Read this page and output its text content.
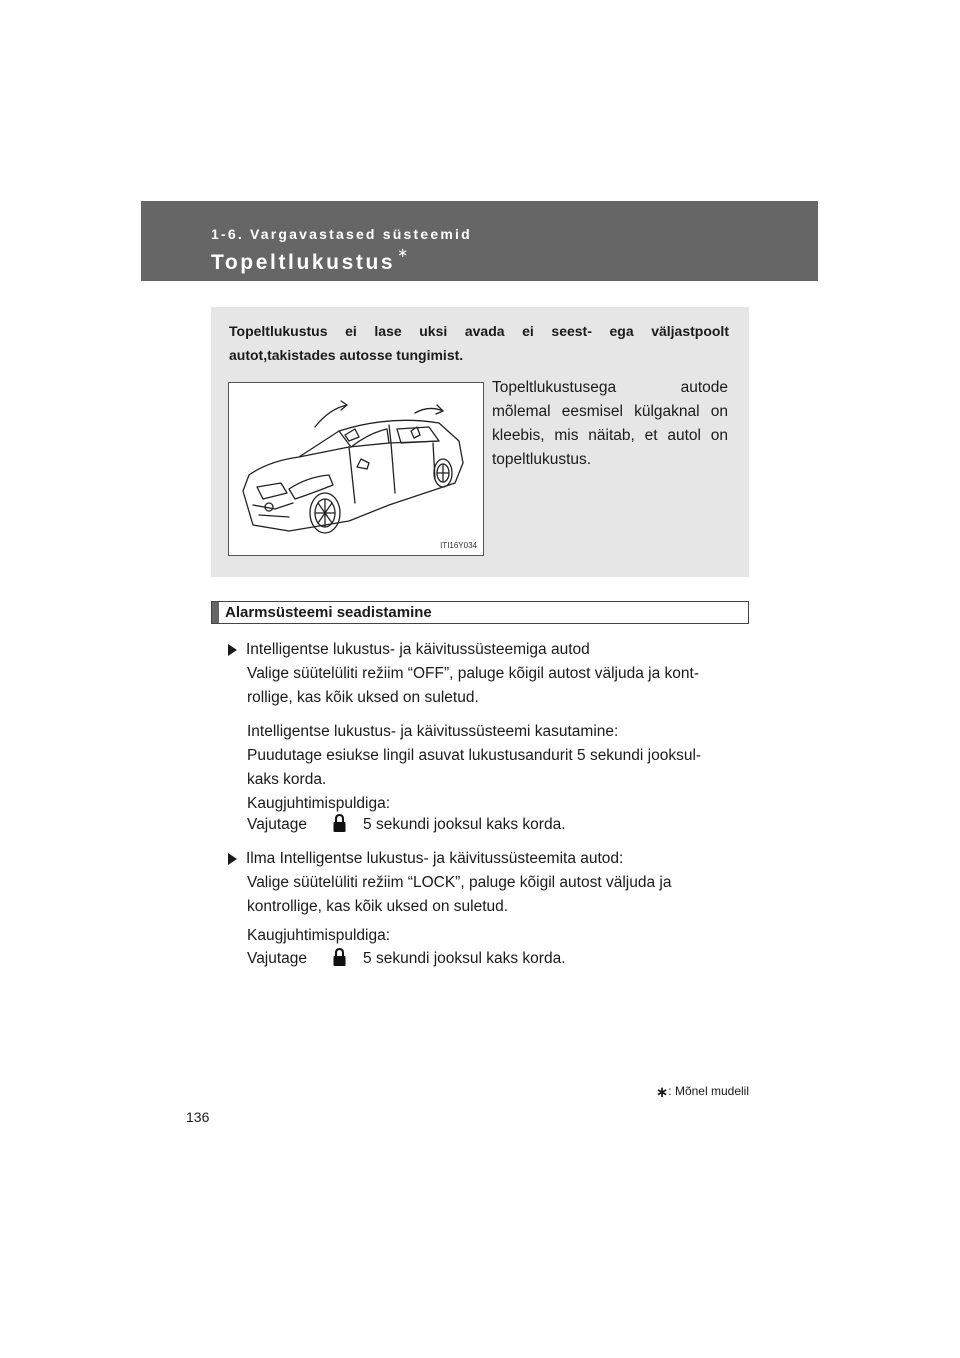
1-6. Vargavastased süsteemid
Topeltlukustus ∗
Topeltlukustus ei lase uksi avada ei seest- ega väljastpoolt autot,takistades autosse tungimist.
ITI16Y034
Topeltlukustusega autode mõlemal eesmisel külgaknal on kleebis, mis näitab, et autol on topeltlukustus.
Alarmsüsteemi seadistamine
Intelligentse lukustus- ja käivitussüsteemiga autod
Valige süütelüliti režiim “OFF”, paluge kõigil autost väljuda ja kont-
rollige, kas kõik uksed on suletud.
Intelligentse lukustus- ja käivitussüsteemi kasutamine:
Puudutage esiukse lingil asuvat lukustusandurit 5 sekundi jooksul-
kaks korda.
Kaugjuhtimispuldiga:
Vajutage	5 sekundi jooksul kaks korda.
Ilma Intelligentse lukustus- ja käivitussüsteemita autod:
Valige süütelüliti režiim “LOCK”, paluge kõigil autost väljuda ja
kontrollige, kas kõik uksed on suletud.
Kaugjuhtimispuldiga:
Vajutage	5 sekundi jooksul kaks korda.
∗: Mõnel mudelil
136
